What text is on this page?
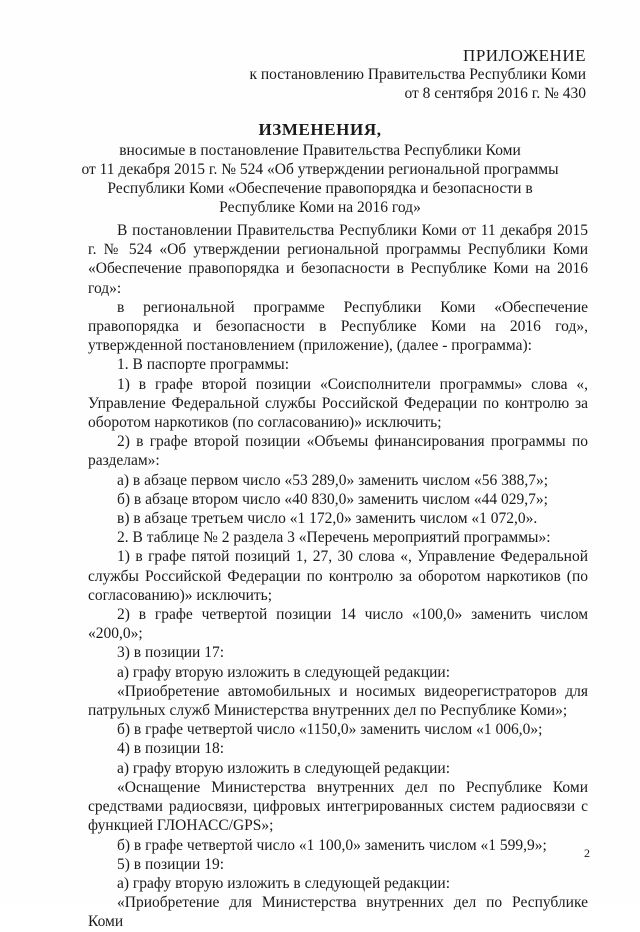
ПРИЛОЖЕНИЕ
к постановлению Правительства Республики Коми
от 8 сентября 2016 г. № 430
ИЗМЕНЕНИЯ,
вносимые в постановление Правительства Республики Коми
от 11 декабря 2015 г. № 524 «Об утверждении региональной программы
Республики Коми «Обеспечение правопорядка и безопасности в
Республике Коми на 2016 год»

В постановлении Правительства Республики Коми от 11 декабря 2015 г. № 524 «Об утверждении региональной программы Республики Коми «Обеспечение правопорядка и безопасности в Республике Коми на 2016 год»:

в региональной программе Республики Коми «Обеспечение правопорядка и безопасности в Республике Коми на 2016 год», утвержденной постановлением (приложение), (далее - программа):

1. В паспорте программы:

1) в графе второй позиции «Соисполнители программы» слова «, Управление Федеральной службы Российской Федерации по контролю за оборотом наркотиков (по согласованию)» исключить;

2) в графе второй позиции «Объемы финансирования программы по разделам»:

а) в абзаце первом число «53 289,0» заменить числом «56 388,7»;

б) в абзаце втором число «40 830,0» заменить числом «44 029,7»;

в) в абзаце третьем число «1 172,0» заменить числом «1 072,0».

2. В таблице № 2 раздела 3 «Перечень мероприятий программы»:

1) в графе пятой позиций 1, 27, 30 слова «, Управление Федеральной службы Российской Федерации по контролю за оборотом наркотиков (по согласованию)» исключить;

2) в графе четвертой позиции 14 число «100,0» заменить числом «200,0»;

3) в позиции 17:

а) графу вторую изложить в следующей редакции:

«Приобретение автомобильных и носимых видеорегистраторов для патрульных служб Министерства внутренних дел по Республике Коми»;

б) в графе четвертой число «1150,0» заменить числом «1 006,0»;

4) в позиции 18:

а) графу вторую изложить в следующей редакции:

«Оснащение Министерства внутренних дел по Республике Коми средствами радиосвязи, цифровых интегрированных систем радиосвязи с функцией ГЛОНАСС/GPS»;

б) в графе четвертой число «1 100,0» заменить числом «1 599,9»;

5) в позиции 19:

а) графу вторую изложить в следующей редакции:

«Приобретение для Министерства внутренних дел по Республике Коми

2
